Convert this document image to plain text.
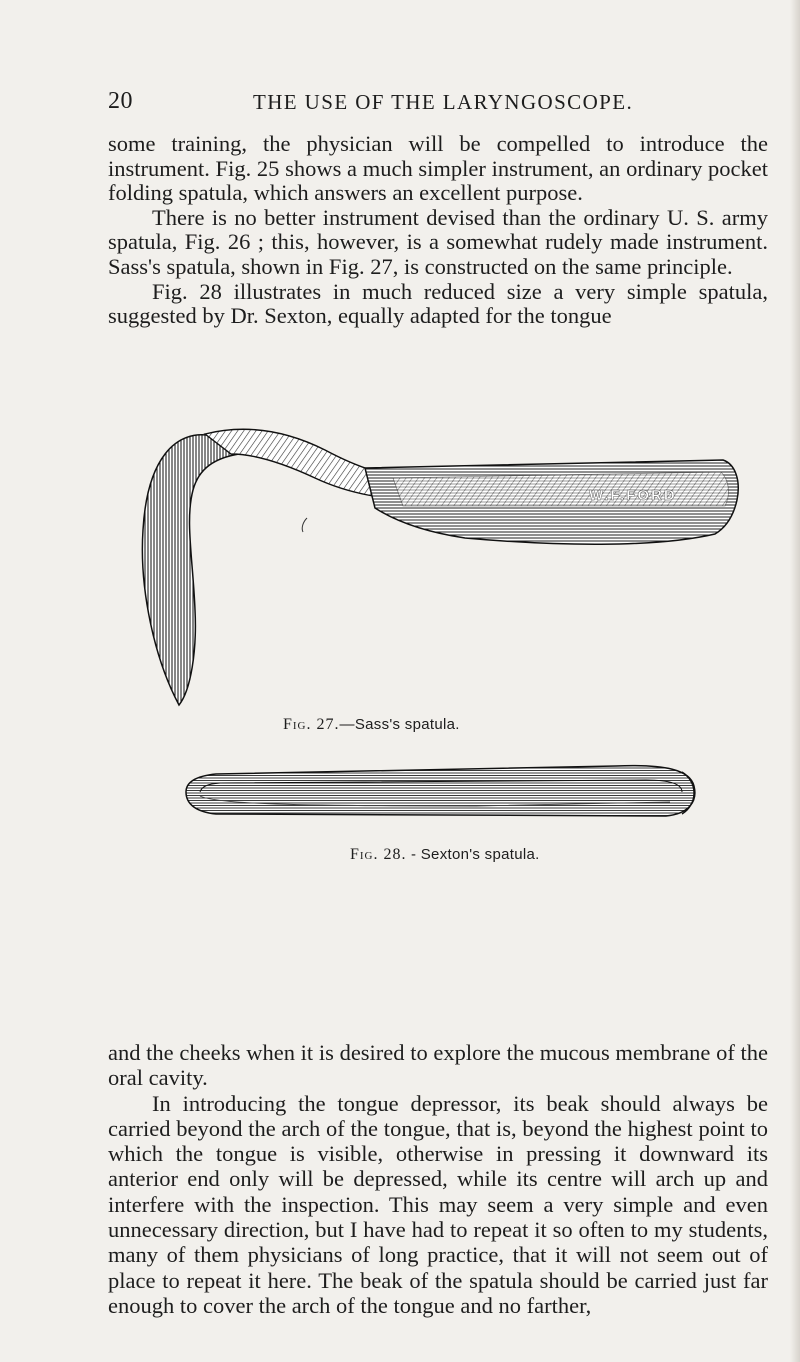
20	THE USE OF THE LARYNGOSCOPE.

some training, the physician will be compelled to introduce the instrument. Fig. 25 shows a much simpler instrument, an ordinary pocket folding spatula, which answers an excellent purpose.

There is no better instrument devised than the ordinary U. S. army spatula, Fig. 26 ; this, however, is a somewhat rudely made instrument. Sass's spatula, shown in Fig. 27, is constructed on the same principle.

Fig. 28 illustrates in much reduced size a very simple spatula, suggested by Dr. Sexton, equally adapted for the tongue

W.F.FORD
Fig. 27.—Sass's spatula.
Fig. 28. - Sexton's spatula.

and the cheeks when it is desired to explore the mucous membrane of the oral cavity.

In introducing the tongue depressor, its beak should always be carried beyond the arch of the tongue, that is, beyond the highest point to which the tongue is visible, otherwise in pressing it downward its anterior end only will be depressed, while its centre will arch up and interfere with the inspection. This may seem a very simple and even unnecessary direction, but I have had to repeat it so often to my students, many of them physicians of long practice, that it will not seem out of place to repeat it here. The beak of the spatula should be carried just far enough to cover the arch of the tongue and no farther,
